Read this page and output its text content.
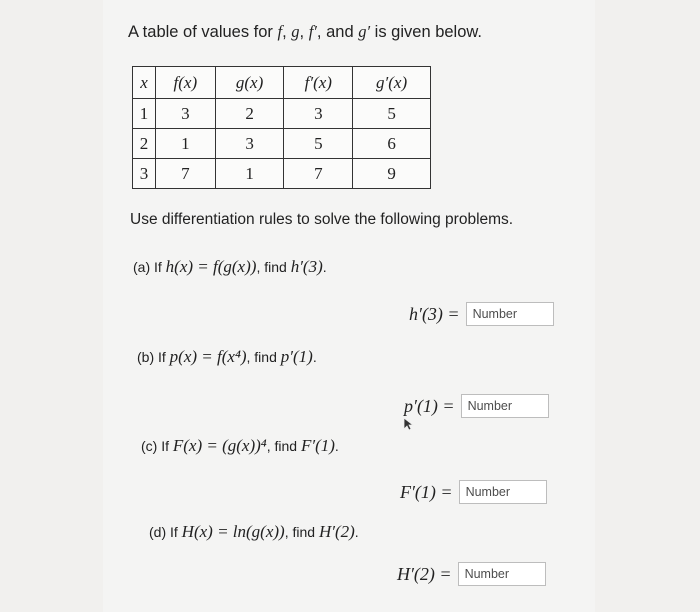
A table of values for f, g, f′, and g′ is given below.
x	f(x)	g(x)	f′(x)	g′(x)
1	3	2	3	5
2	1	3	5	6
3	7	1	7	9
Use differentiation rules to solve the following problems.
(a) If h(x) = f(g(x)), find h′(3).
h′(3) =
Number
(b) If p(x) = f(x⁴), find p′(1).
p′(1) =
Number
(c) If F(x) = (g(x))⁴, find F′(1).
F′(1) =
Number
(d) If H(x) = ln(g(x)), find H′(2).
H′(2) =
Number
